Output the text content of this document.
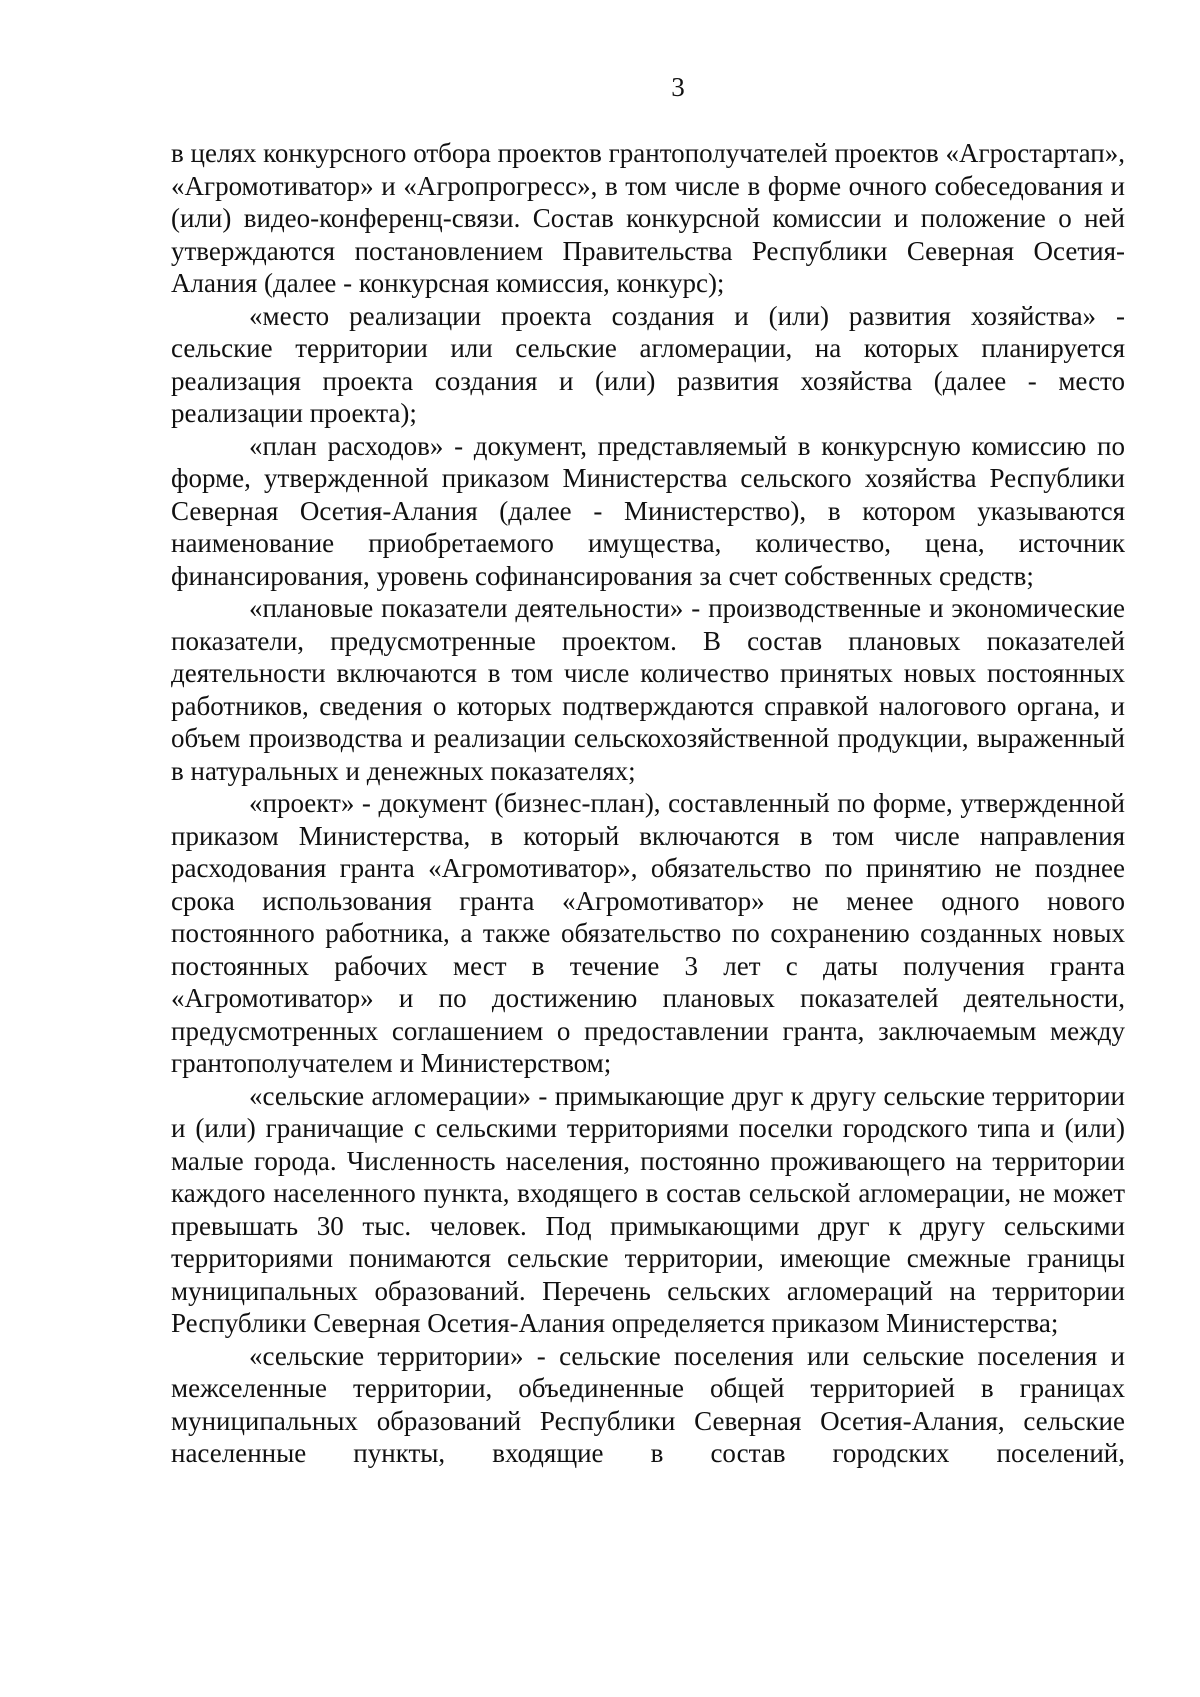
3

в целях конкурсного отбора проектов грантополучателей проектов «Агростартап», «Агромотиватор» и «Агропрогресс», в том числе в форме очного собеседования и (или) видео-конференц-связи. Состав конкурсной комиссии и положение о ней утверждаются постановлением Правительства Республики Северная Осетия-Алания (далее - конкурсная комиссия, конкурс);

«место реализации проекта создания и (или) развития хозяйства» - сельские территории или сельские агломерации, на которых планируется реализация проекта создания и (или) развития хозяйства (далее - место реализации проекта);

«план расходов» - документ, представляемый в конкурсную комиссию по форме, утвержденной приказом Министерства сельского хозяйства Республики Северная Осетия-Алания (далее - Министерство), в котором указываются наименование приобретаемого имущества, количество, цена, источник финансирования, уровень софинансирования за счет собственных средств;

«плановые показатели деятельности» - производственные и экономические показатели, предусмотренные проектом. В состав плановых показателей деятельности включаются в том числе количество принятых новых постоянных работников, сведения о которых подтверждаются справкой налогового органа, и объем производства и реализации сельскохозяйственной продукции, выраженный в натуральных и денежных показателях;

«проект» - документ (бизнес-план), составленный по форме, утвержденной приказом Министерства, в который включаются в том числе направления расходования гранта «Агромотиватор», обязательство по принятию не позднее срока использования гранта «Агромотиватор» не менее одного нового постоянного работника, а также обязательство по сохранению созданных новых постоянных рабочих мест в течение 3 лет с даты получения гранта «Агромотиватор» и по достижению плановых показателей деятельности, предусмотренных соглашением о предоставлении гранта, заключаемым между грантополучателем и Министерством;

«сельские агломерации» - примыкающие друг к другу сельские территории и (или) граничащие с сельскими территориями поселки городского типа и (или) малые города. Численность населения, постоянно проживающего на территории каждого населенного пункта, входящего в состав сельской агломерации, не может превышать 30 тыс. человек. Под примыкающими друг к другу сельскими территориями понимаются сельские территории, имеющие смежные границы муниципальных образований. Перечень сельских агломераций на территории Республики Северная Осетия-Алания определяется приказом Министерства;

«сельские территории» - сельские поселения или сельские поселения и межселенные территории, объединенные общей территорией в границах муниципальных образований Республики Северная Осетия-Алания, сельские населенные пункты, входящие в состав городских поселений,
